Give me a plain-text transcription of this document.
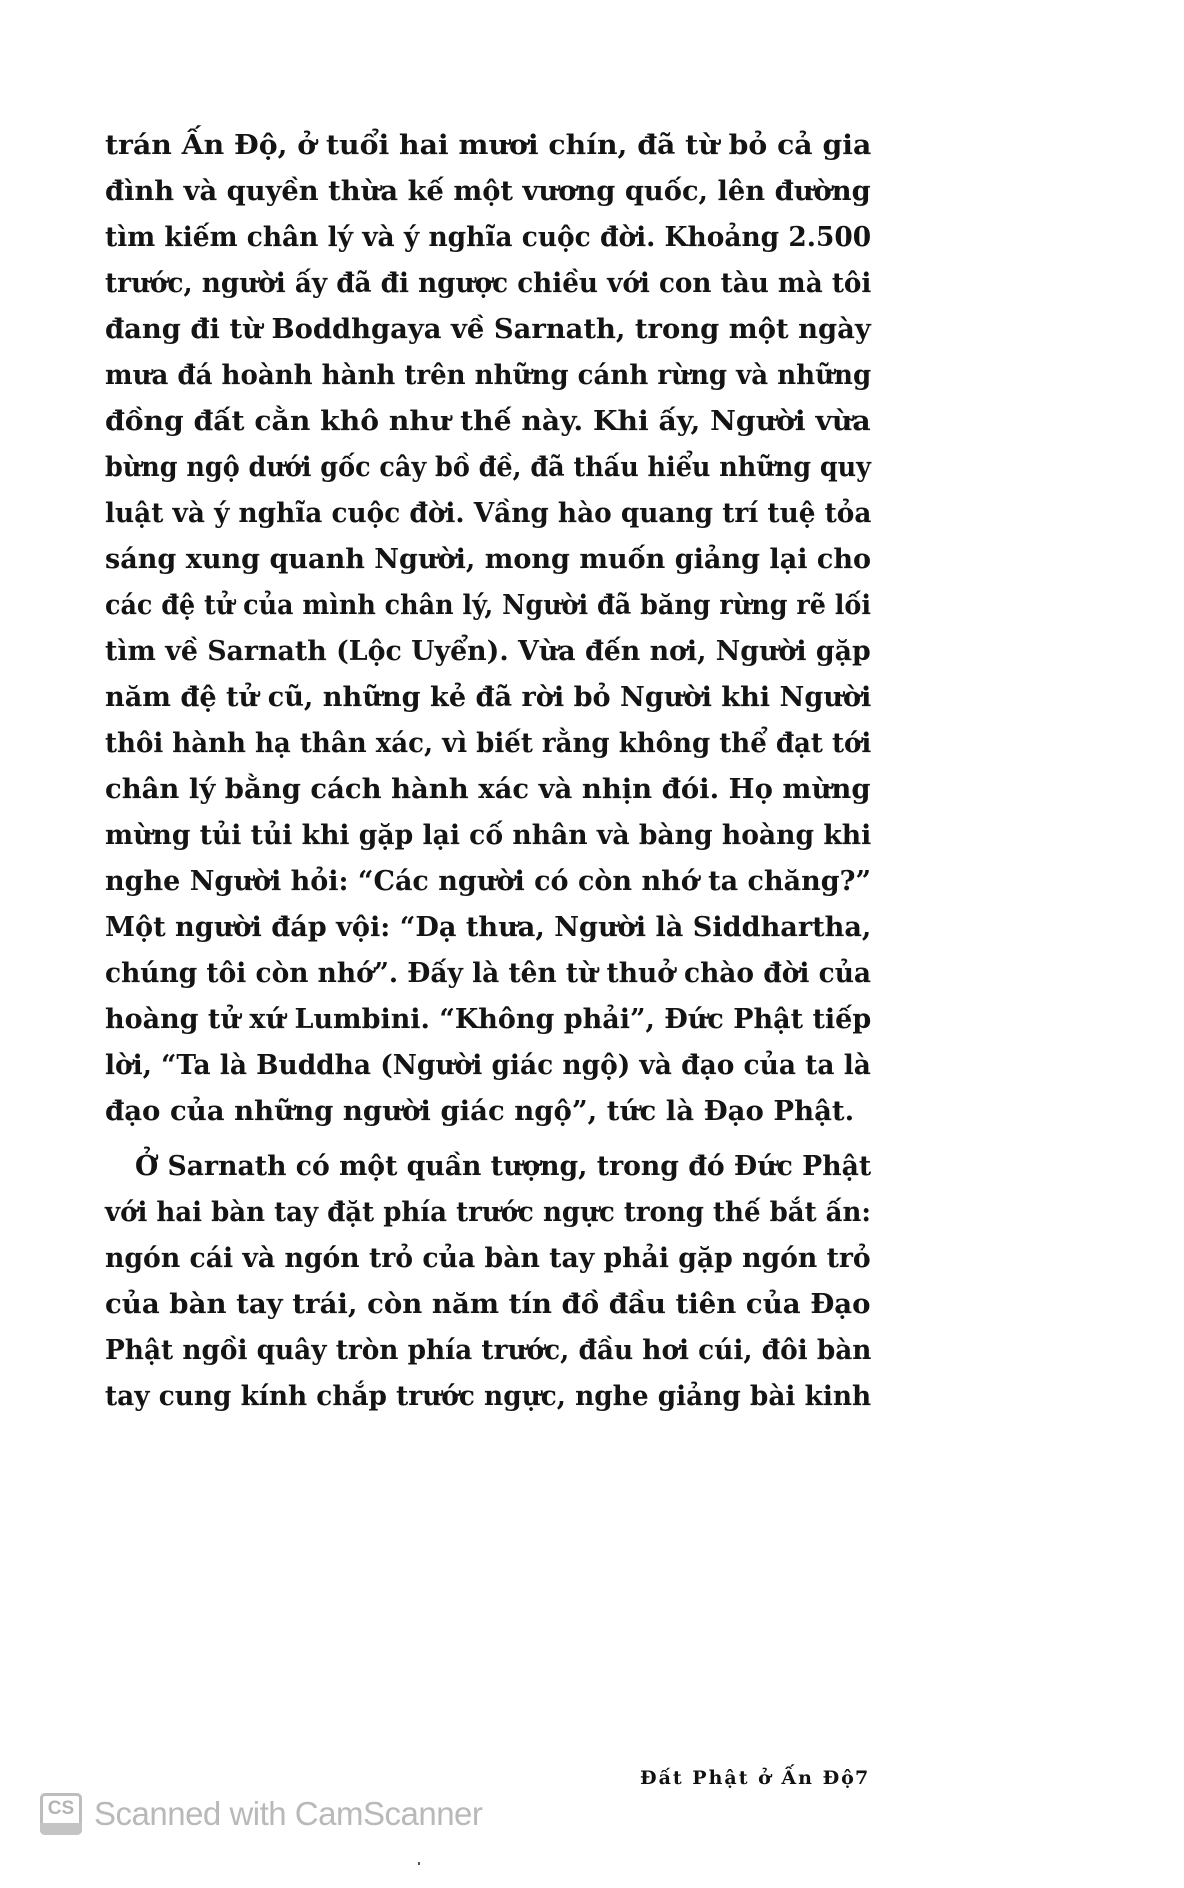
trán Ấn Độ, ở tuổi hai mươi chín, đã từ bỏ cả gia
đình và quyền thừa kế một vương quốc, lên đường
tìm kiếm chân lý và ý nghĩa cuộc đời. Khoảng 2.500
trước, người ấy đã đi ngược chiều với con tàu mà tôi
đang đi từ Boddhgaya về Sarnath, trong một ngày
mưa đá hoành hành trên những cánh rừng và những
đồng đất cằn khô như thế này. Khi ấy, Người vừa
bừng ngộ dưới gốc cây bồ đề, đã thấu hiểu những quy
luật và ý nghĩa cuộc đời. Vầng hào quang trí tuệ tỏa
sáng xung quanh Người, mong muốn giảng lại cho
các đệ tử của mình chân lý, Người đã băng rừng rẽ lối
tìm về Sarnath (Lộc Uyển). Vừa đến nơi, Người gặp
năm đệ tử cũ, những kẻ đã rời bỏ Người khi Người
thôi hành hạ thân xác, vì biết rằng không thể đạt tới
chân lý bằng cách hành xác và nhịn đói. Họ mừng
mừng tủi tủi khi gặp lại cố nhân và bàng hoàng khi
nghe Người hỏi: “Các người có còn nhớ ta chăng?”
Một người đáp vội: “Dạ thưa, Người là Siddhartha,
chúng tôi còn nhớ”. Đấy là tên từ thuở chào đời của
hoàng tử xứ Lumbini. “Không phải”, Đức Phật tiếp
lời, “Ta là Buddha (Người giác ngộ) và đạo của ta là
đạo của những người giác ngộ”, tức là Đạo Phật.
Ở Sarnath có một quần tượng, trong đó Đức Phật
với hai bàn tay đặt phía trước ngực trong thế bắt ấn:
ngón cái và ngón trỏ của bàn tay phải gặp ngón trỏ
của bàn tay trái, còn năm tín đồ đầu tiên của Đạo
Phật ngồi quây tròn phía trước, đầu hơi cúi, đôi bàn
tay cung kính chắp trước ngực, nghe giảng bài kinh
Đất Phật ở Ấn Độ 7
CS Scanned with CamScanner
